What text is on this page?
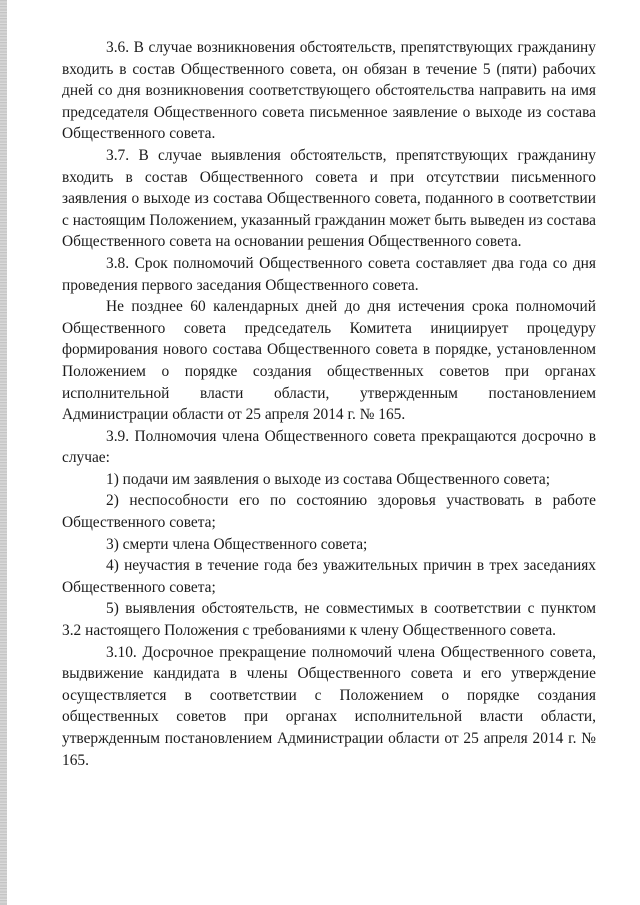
3.6. В случае возникновения обстоятельств, препятствующих гражданину входить в состав Общественного совета, он обязан в течение 5 (пяти) рабочих дней со дня возникновения соответствующего обстоятельства направить на имя председателя Общественного совета письменное заявление о выходе из состава Общественного совета.

3.7. В случае выявления обстоятельств, препятствующих гражданину входить в состав Общественного совета и при отсутствии письменного заявления о выходе из состава Общественного совета, поданного в соответствии с настоящим Положением, указанный гражданин может быть выведен из состава Общественного совета на основании решения Общественного совета.

3.8. Срок полномочий Общественного совета составляет два года со дня проведения первого заседания Общественного совета.

Не позднее 60 календарных дней до дня истечения срока полномочий Общественного совета председатель Комитета инициирует процедуру формирования нового состава Общественного совета в порядке, установленном Положением о порядке создания общественных советов при органах исполнительной власти области, утвержденным постановлением Администрации области от 25 апреля 2014 г. № 165.

3.9. Полномочия члена Общественного совета прекращаются досрочно в случае:

1) подачи им заявления о выходе из состава Общественного совета;

2) неспособности его по состоянию здоровья участвовать в работе Общественного совета;

3) смерти члена Общественного совета;

4) неучастия в течение года без уважительных причин в трех заседаниях Общественного совета;

5) выявления обстоятельств, не совместимых в соответствии с пунктом 3.2 настоящего Положения с требованиями к члену Общественного совета.

3.10. Досрочное прекращение полномочий члена Общественного совета, выдвижение кандидата в члены Общественного совета и его утверждение осуществляется в соответствии с Положением о порядке создания общественных советов при органах исполнительной власти области, утвержденным постановлением Администрации области от 25 апреля 2014 г. № 165.
